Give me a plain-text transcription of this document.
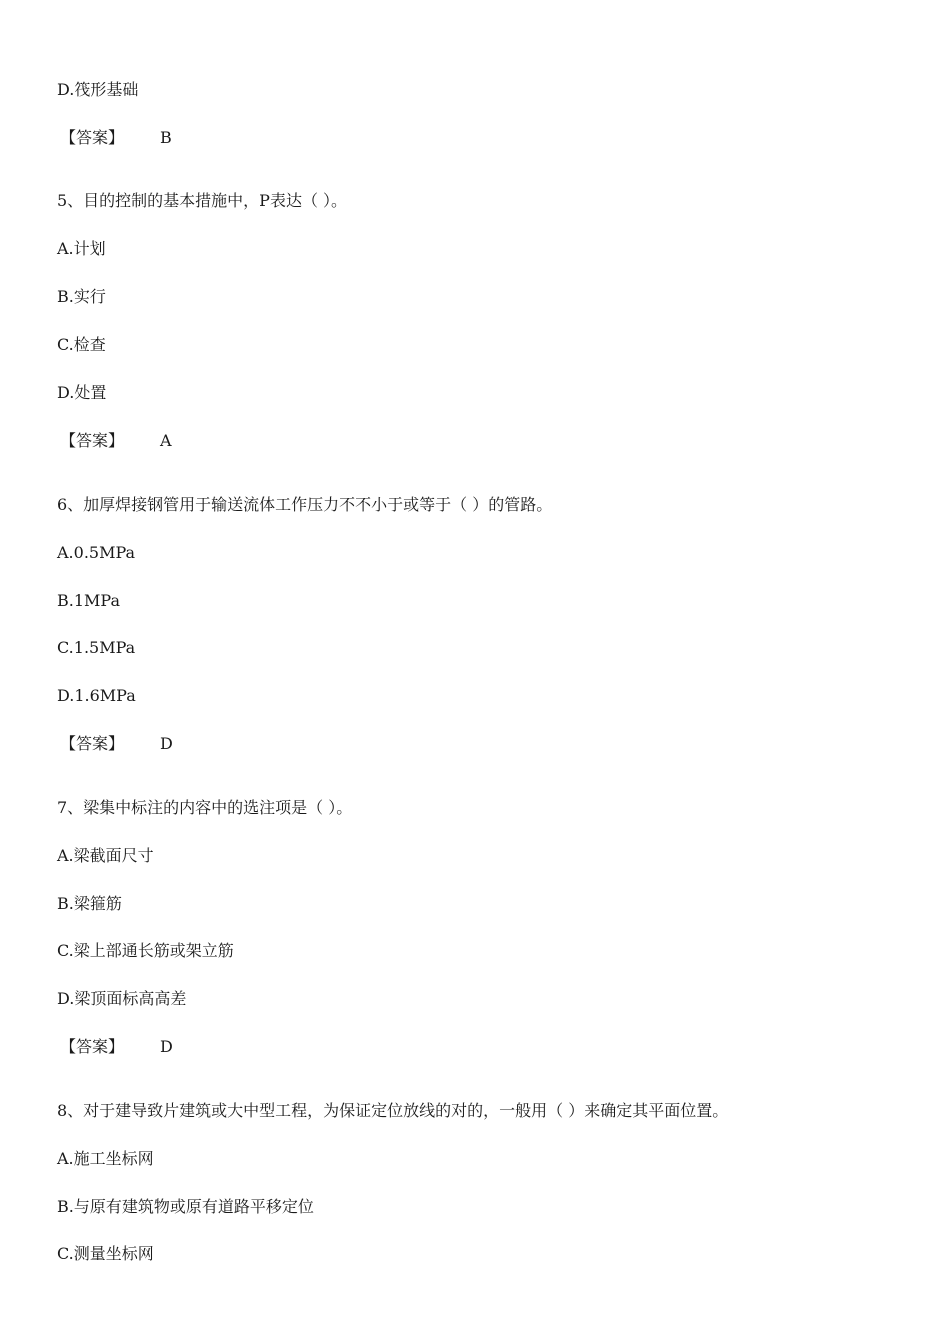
D.筏形基础
【答案】 B
5、目的控制的基本措施中，P表达（ ）。
A.计划
B.实行
C.检查
D.处置
【答案】 A
6、加厚焊接钢管用于输送流体工作压力不不小于或等于（ ）的管路。
A.0.5MPa
B.1MPa
C.1.5MPa
D.1.6MPa
【答案】 D
7、梁集中标注的内容中的选注项是（ ）。
A.梁截面尺寸
B.梁箍筋
C.梁上部通长筋或架立筋
D.梁顶面标高高差
【答案】 D
8、对于建导致片建筑或大中型工程，为保证定位放线的对的，一般用（ ）来确定其平面位置。
A.施工坐标网
B.与原有建筑物或原有道路平移定位
C.测量坐标网
